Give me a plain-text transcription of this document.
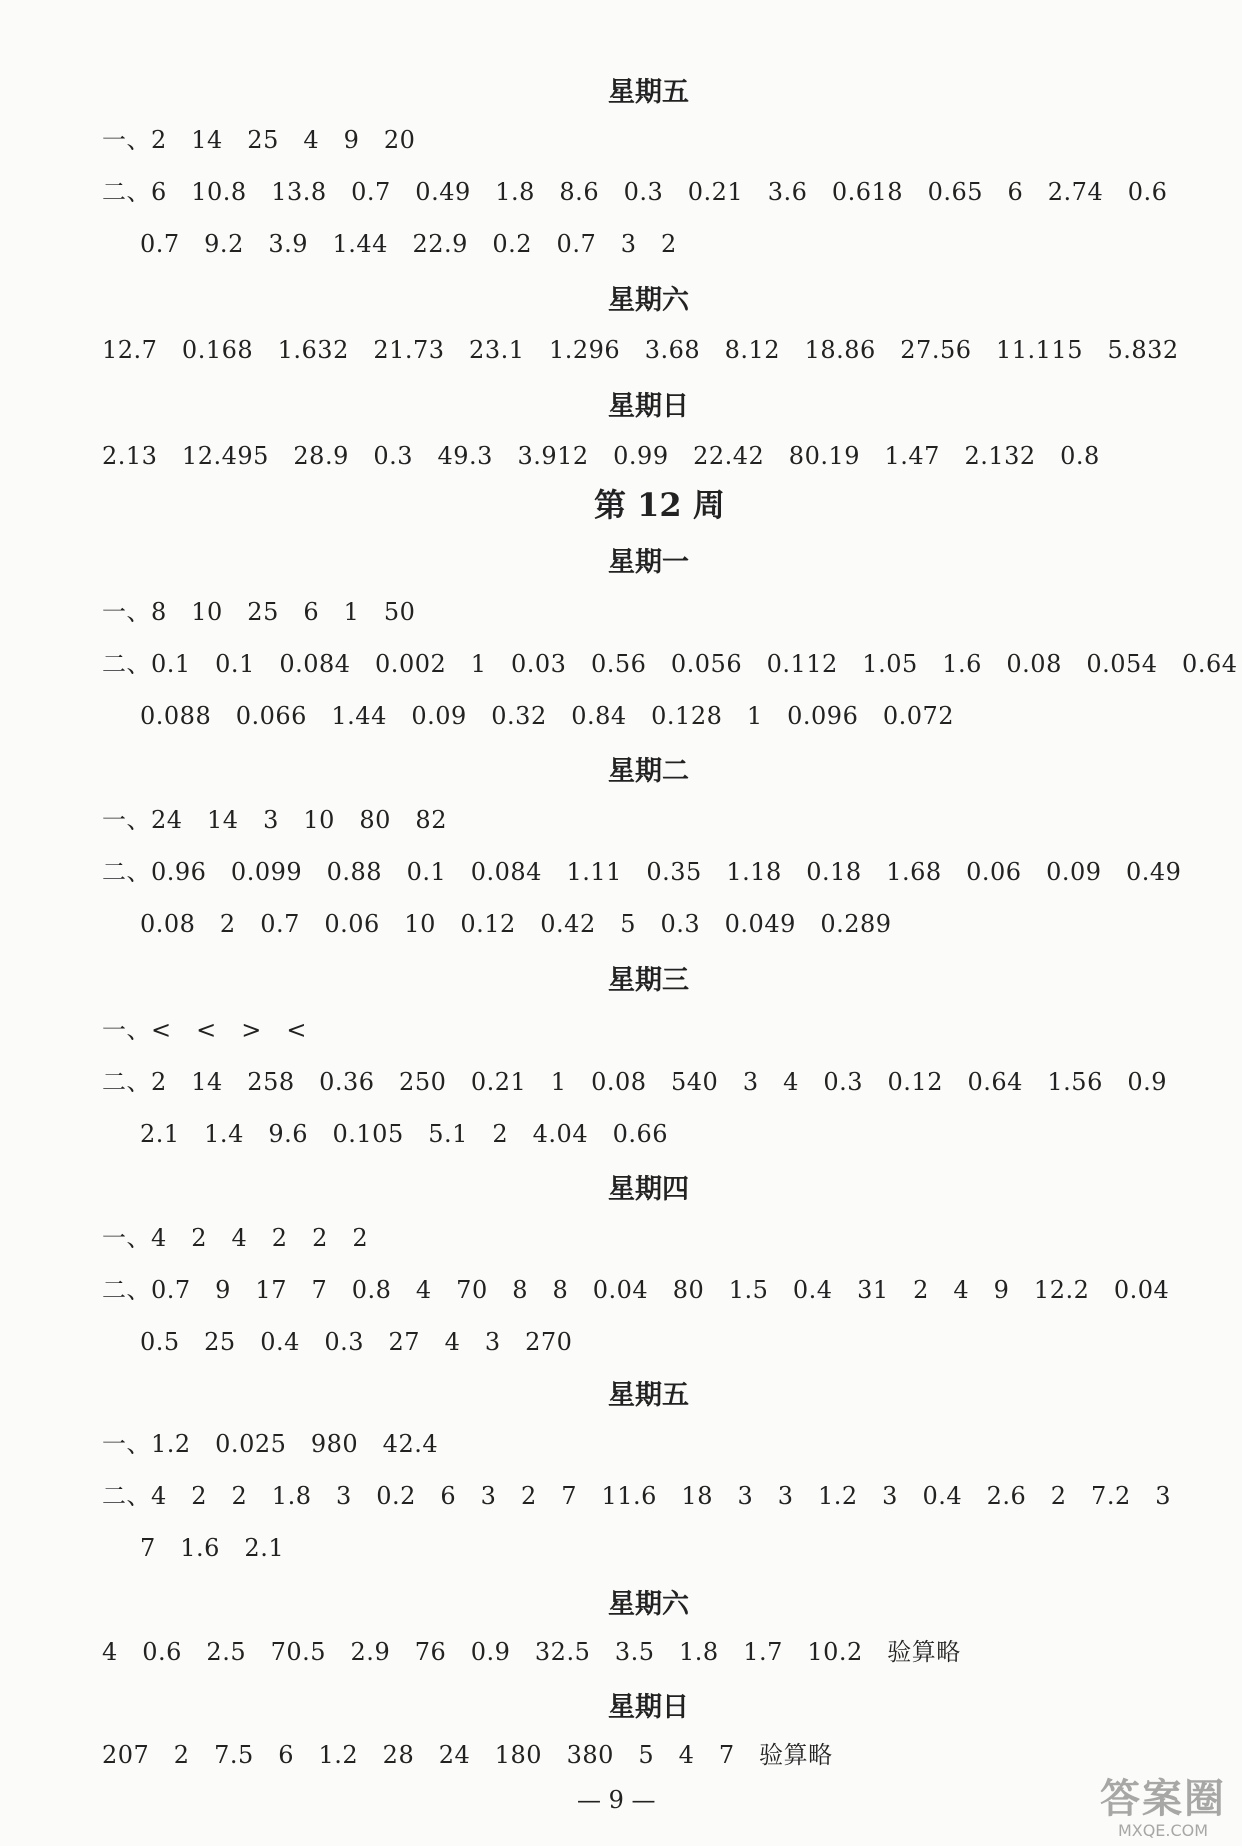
星期五
一、2　14　25　4　9　20
二、6　10.8　13.8　0.7　0.49　1.8　8.6　0.3　0.21　3.6　0.618　0.65　6　2.74　0.6
0.7　9.2　3.9　1.44　22.9　0.2　0.7　3　2
星期六
12.7　0.168　1.632　21.73　23.1　1.296　3.68　8.12　18.86　27.56　11.115　5.832
星期日
2.13　12.495　28.9　0.3　49.3　3.912　0.99　22.42　80.19　1.47　2.132　0.8
第 12 周
星期一
一、8　10　25　6　1　50
二、0.1　0.1　0.084　0.002　1　0.03　0.56　0.056　0.112　1.05　1.6　0.08　0.054　0.64
0.088　0.066　1.44　0.09　0.32　0.84　0.128　1　0.096　0.072
星期二
一、24　14　3　10　80　82
二、0.96　0.099　0.88　0.1　0.084　1.11　0.35　1.18　0.18　1.68　0.06　0.09　0.49
0.08　2　0.7　0.06　10　0.12　0.42　5　0.3　0.049　0.289
星期三
一、<　<　>　<
二、2　14　258　0.36　250　0.21　1　0.08　540　3　4　0.3　0.12　0.64　1.56　0.9
2.1　1.4　9.6　0.105　5.1　2　4.04　0.66
星期四
一、4　2　4　2　2　2
二、0.7　9　17　7　0.8　4　70　8　8　0.04　80　1.5　0.4　31　2　4　9　12.2　0.04
0.5　25　0.4　0.3　27　4　3　270
星期五
一、1.2　0.025　980　42.4
二、4　2　2　1.8　3　0.2　6　3　2　7　11.6　18　3　3　1.2　3　0.4　2.6　2　7.2　3
7　1.6　2.1
星期六
4　0.6　2.5　70.5　2.9　76　0.9　32.5　3.5　1.8　1.7　10.2　验算略
星期日
207　2　7.5　6　1.2　28　24　180　380　5　4　7　验算略
— 9 —	答案圈
MXQE.COM
